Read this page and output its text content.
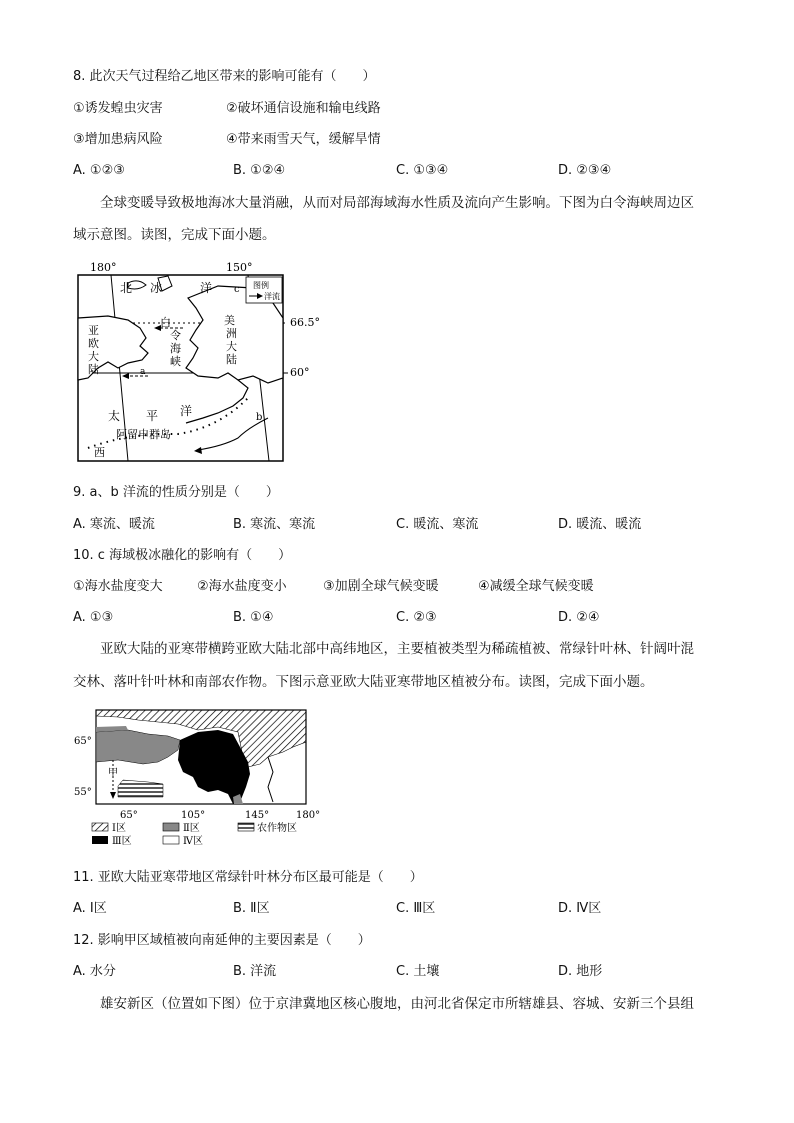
8. 此次天气过程给乙地区带来的影响可能有（　　）
①诱发蝗虫灾害	②破坏通信设施和输电线路
③增加患病风险	④带来雨雪天气，缓解旱情
A. ①②③	B. ①②④	C. ①③④	D. ②③④
全球变暖导致极地海冰大量消融，从而对局部海域海水性质及流向产生影响。下图为白令海峡周边区
域示意图。读图，完成下面小题。
图例
洋流
180°	150°
66.5°
60°
北 冰	洋 c
亚
欧
大
陆
白
令
海
峡
美
洲
大
陆
a
b
太 平 洋
阿留申群岛
西
9. a、b 洋流的性质分别是（　　）
A. 寒流、暖流	B. 寒流、寒流	C. 暖流、寒流	D. 暖流、暖流
10. c 海域极冰融化的影响有（　　）
①海水盐度变大	②海水盐度变小	③加剧全球气候变暖	④减缓全球气候变暖
A. ①③	B. ①④	C. ②③	D. ②④
亚欧大陆的亚寒带横跨亚欧大陆北部中高纬地区，主要植被类型为稀疏植被、常绿针叶林、针阔叶混
交林、落叶针叶林和南部农作物。下图示意亚欧大陆亚寒带地区植被分布。读图，完成下面小题。
甲
65°
55°
65°	105°	145°	180°
Ⅰ区	Ⅱ区	农作物区
Ⅲ区	Ⅳ区
11. 亚欧大陆亚寒带地区常绿针叶林分布区最可能是（　　）
A. Ⅰ区	B. Ⅱ区	C. Ⅲ区	D. Ⅳ区
12. 影响甲区域植被向南延伸的主要因素是（　　）
A. 水分	B. 洋流	C. 土壤	D. 地形
雄安新区（位置如下图）位于京津冀地区核心腹地，由河北省保定市所辖雄县、容城、安新三个县组
